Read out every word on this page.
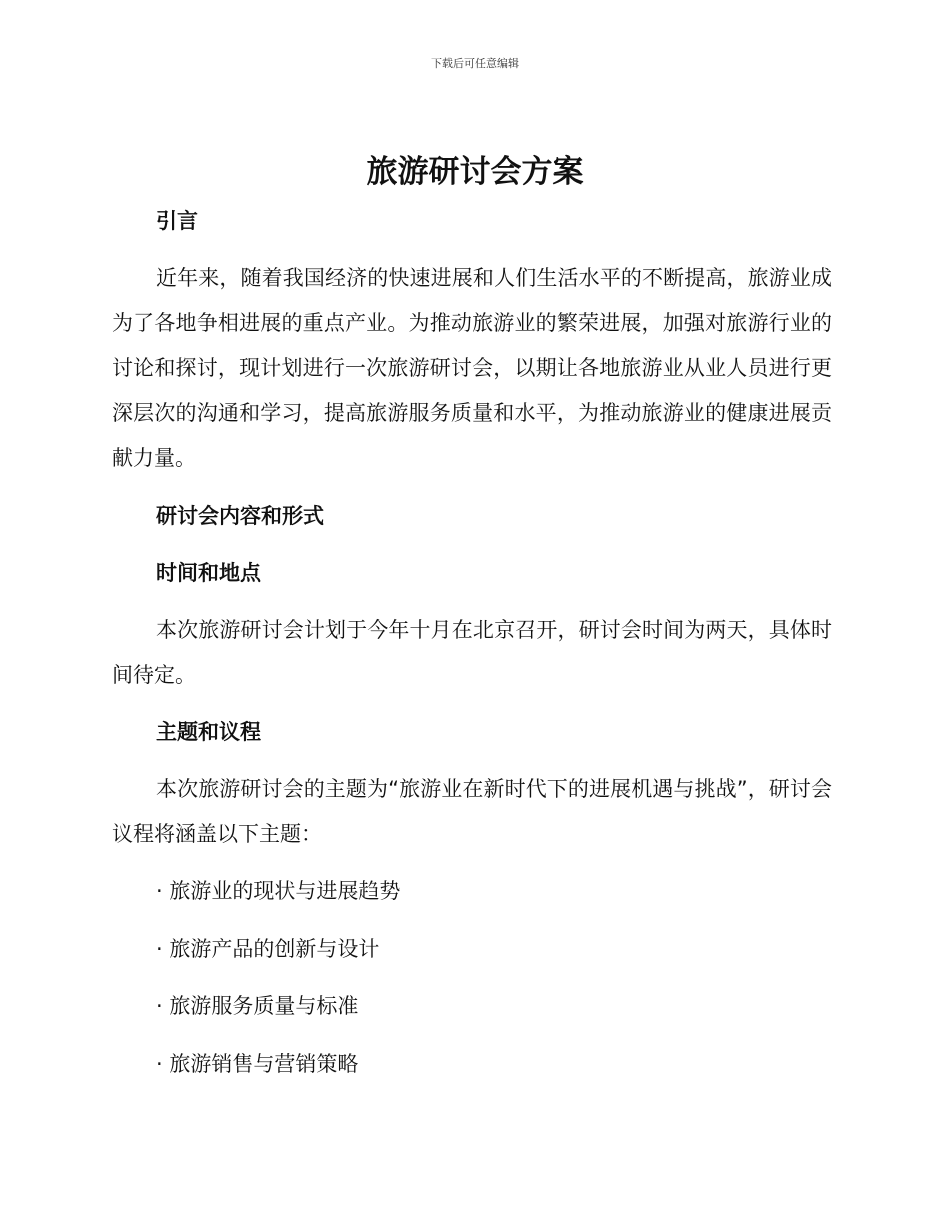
下载后可任意编辑
旅游研讨会方案
引言

近年来，随着我国经济的快速进展和人们生活水平的不断提高，旅游业成为了各地争相进展的重点产业。为推动旅游业的繁荣进展，加强对旅游行业的讨论和探讨，现计划进行一次旅游研讨会，以期让各地旅游业从业人员进行更深层次的沟通和学习，提高旅游服务质量和水平，为推动旅游业的健康进展贡献力量。

研讨会内容和形式
时间和地点

本次旅游研讨会计划于今年十月在北京召开，研讨会时间为两天，具体时间待定。

主题和议程

本次旅游研讨会的主题为“旅游业在新时代下的进展机遇与挑战”，研讨会议程将涵盖以下主题：

· 旅游业的现状与进展趋势

· 旅游产品的创新与设计

· 旅游服务质量与标准

· 旅游销售与营销策略
